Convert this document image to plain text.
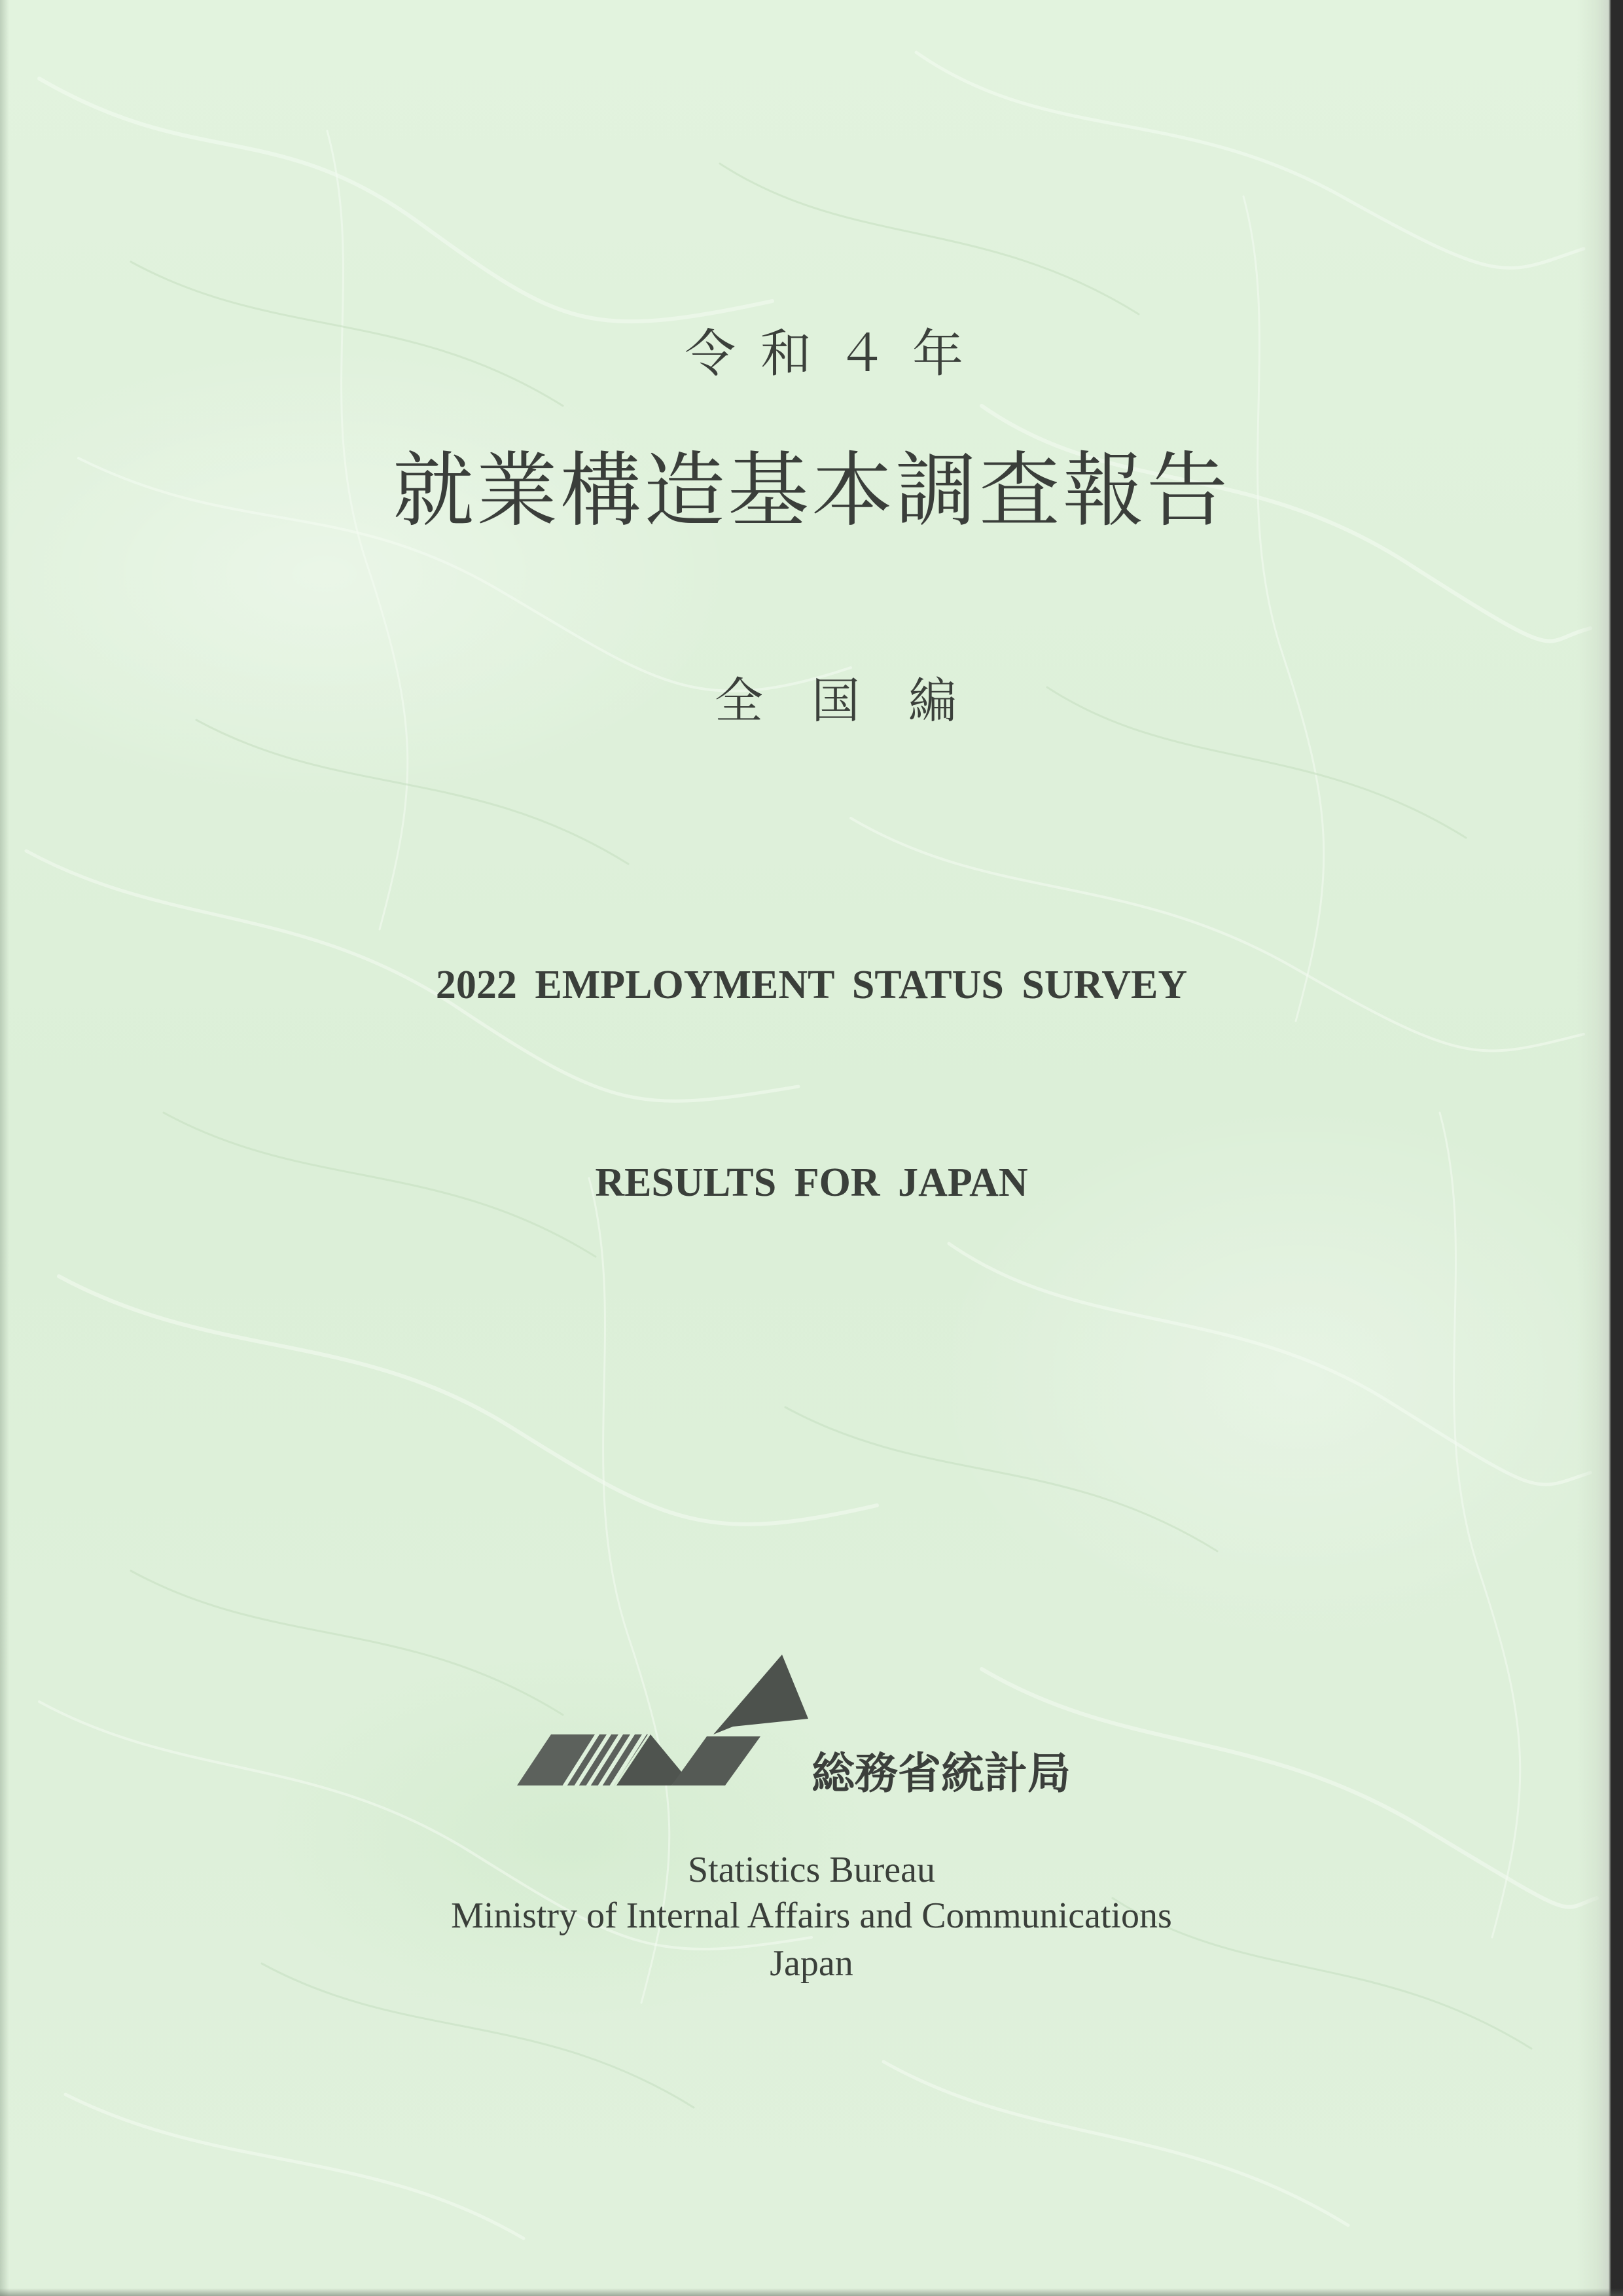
令和４年
就業構造基本調査報告
全国編
2022 EMPLOYMENT STATUS SURVEY
RESULTS FOR JAPAN
総務省統計局
Statistics Bureau
Ministry of Internal Affairs and Communications
Japan
